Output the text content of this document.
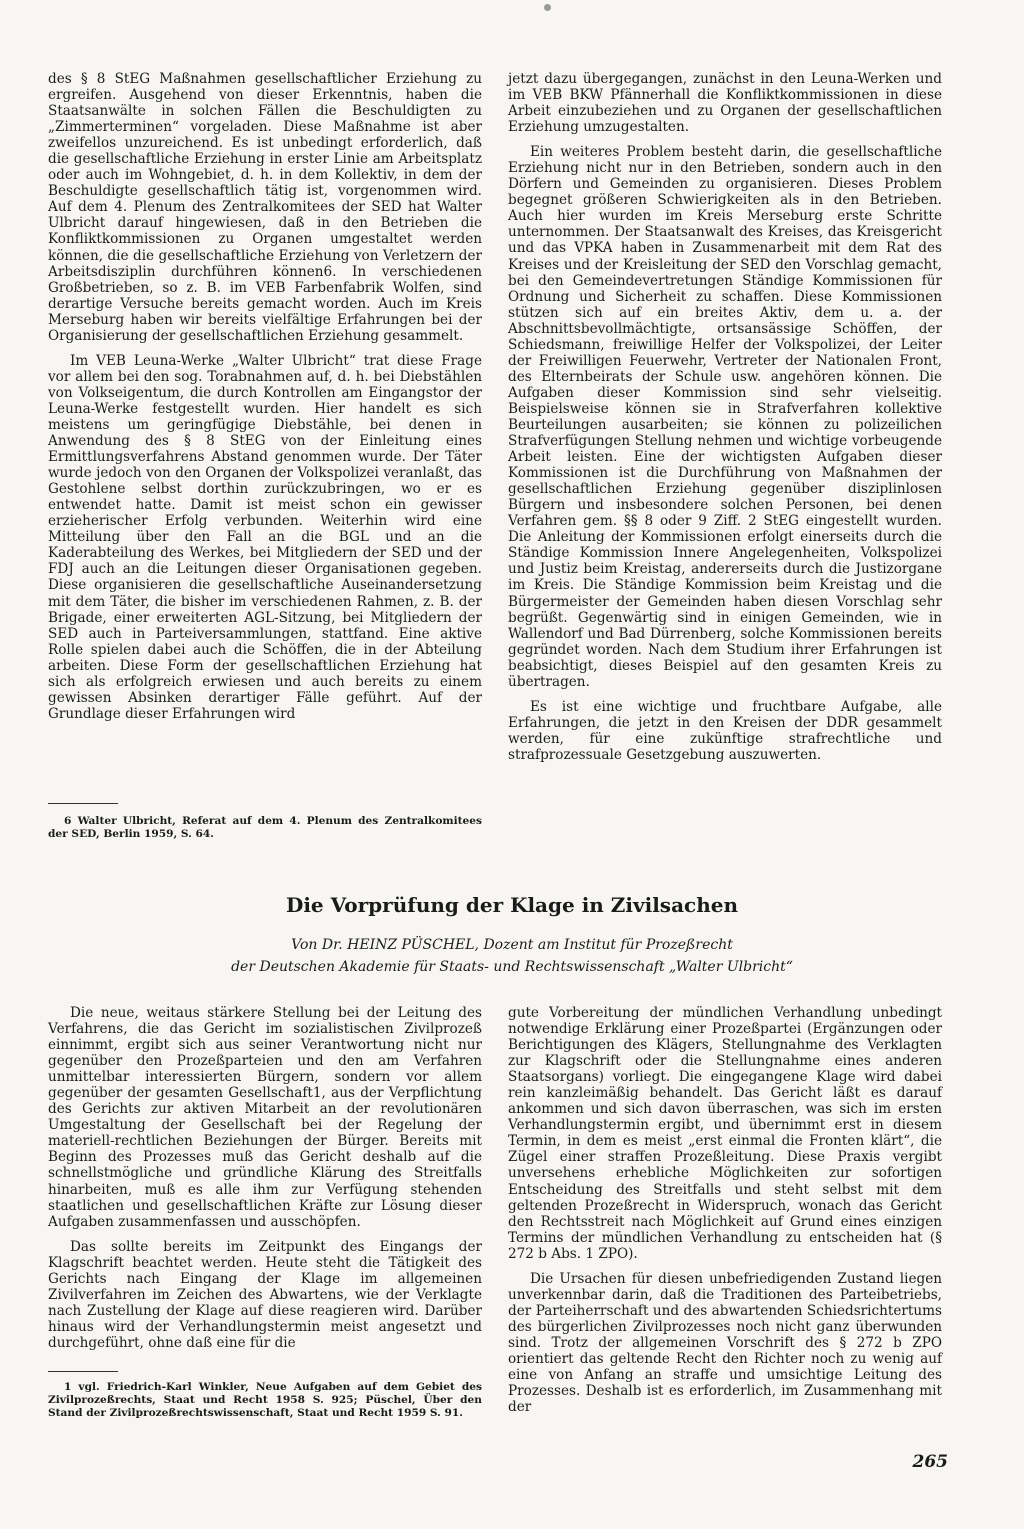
des § 8 StEG Maßnahmen gesellschaftlicher Erziehung zu ergreifen. Ausgehend von dieser Erkenntnis, haben die Staatsanwälte in solchen Fällen die Beschuldigten zu „Zimmerterminen“ vorgeladen. Diese Maßnahme ist aber zweifellos unzureichend. Es ist unbedingt erforderlich, daß die gesellschaftliche Erziehung in erster Linie am Arbeitsplatz oder auch im Wohngebiet, d. h. in dem Kollektiv, in dem der Beschuldigte gesellschaftlich tätig ist, vorgenommen wird. Auf dem 4. Plenum des Zentralkomitees der SED hat Walter Ulbricht darauf hingewiesen, daß in den Betrieben die Konfliktkommissionen zu Organen umgestaltet werden können, die die gesellschaftliche Erziehung von Verletzern der Arbeitsdisziplin durchführen können6. In verschiedenen Großbetrieben, so z. B. im VEB Farbenfabrik Wolfen, sind derartige Versuche bereits gemacht worden. Auch im Kreis Merseburg haben wir bereits vielfältige Erfahrungen bei der Organisierung der gesellschaftlichen Erziehung gesammelt.

Im VEB Leuna-Werke „Walter Ulbricht“ trat diese Frage vor allem bei den sog. Torabnahmen auf, d. h. bei Diebstählen von Volkseigentum, die durch Kontrollen am Eingangstor der Leuna-Werke festgestellt wurden. Hier handelt es sich meistens um geringfügige Diebstähle, bei denen in Anwendung des § 8 StEG von der Einleitung eines Ermittlungsverfahrens Abstand genommen wurde. Der Täter wurde jedoch von den Organen der Volkspolizei veranlaßt, das Gestohlene selbst dorthin zurückzubringen, wo er es entwendet hatte. Damit ist meist schon ein gewisser erzieherischer Erfolg verbunden. Weiterhin wird eine Mitteilung über den Fall an die BGL und an die Kaderabteilung des Werkes, bei Mitgliedern der SED und der FDJ auch an die Leitungen dieser Organisationen gegeben. Diese organisieren die gesellschaftliche Auseinandersetzung mit dem Täter, die bisher im verschiedenen Rahmen, z. B. der Brigade, einer erweiterten AGL-Sitzung, bei Mitgliedern der SED auch in Parteiversammlungen, stattfand. Eine aktive Rolle spielen dabei auch die Schöffen, die in der Abteilung arbeiten. Diese Form der gesellschaftlichen Erziehung hat sich als erfolgreich erwiesen und auch bereits zu einem gewissen Absinken derartiger Fälle geführt. Auf der Grundlage dieser Erfahrungen wird

6 Walter Ulbricht, Referat auf dem 4. Plenum des Zentralkomitees der SED, Berlin 1959, S. 64.

jetzt dazu übergegangen, zunächst in den Leuna-Werken und im VEB BKW Pfännerhall die Konfliktkommissionen in diese Arbeit einzubeziehen und zu Organen der gesellschaftlichen Erziehung umzugestalten.

Ein weiteres Problem besteht darin, die gesellschaftliche Erziehung nicht nur in den Betrieben, sondern auch in den Dörfern und Gemeinden zu organisieren. Dieses Problem begegnet größeren Schwierigkeiten als in den Betrieben. Auch hier wurden im Kreis Merseburg erste Schritte unternommen. Der Staatsanwalt des Kreises, das Kreisgericht und das VPKA haben in Zusammenarbeit mit dem Rat des Kreises und der Kreisleitung der SED den Vorschlag gemacht, bei den Gemeindevertretungen Ständige Kommissionen für Ordnung und Sicherheit zu schaffen. Diese Kommissionen stützen sich auf ein breites Aktiv, dem u. a. der Abschnittsbevollmächtigte, ortsansässige Schöffen, der Schiedsmann, freiwillige Helfer der Volkspolizei, der Leiter der Freiwilligen Feuerwehr, Vertreter der Nationalen Front, des Elternbeirats der Schule usw. angehören können. Die Aufgaben dieser Kommission sind sehr vielseitig. Beispielsweise können sie in Strafverfahren kollektive Beurteilungen ausarbeiten; sie können zu polizeilichen Strafverfügungen Stellung nehmen und wichtige vorbeugende Arbeit leisten. Eine der wichtigsten Aufgaben dieser Kommissionen ist die Durchführung von Maßnahmen der gesellschaftlichen Erziehung gegenüber disziplinlosen Bürgern und insbesondere solchen Personen, bei denen Verfahren gem. §§ 8 oder 9 Ziff. 2 StEG eingestellt wurden. Die Anleitung der Kommissionen erfolgt einerseits durch die Ständige Kommission Innere Angelegenheiten, Volkspolizei und Justiz beim Kreistag, andererseits durch die Justizorgane im Kreis. Die Ständige Kommission beim Kreistag und die Bürgermeister der Gemeinden haben diesen Vorschlag sehr begrüßt. Gegenwärtig sind in einigen Gemeinden, wie in Wallendorf und Bad Dürrenberg, solche Kommissionen bereits gegründet worden. Nach dem Studium ihrer Erfahrungen ist beabsichtigt, dieses Beispiel auf den gesamten Kreis zu übertragen.

Es ist eine wichtige und fruchtbare Aufgabe, alle Erfahrungen, die jetzt in den Kreisen der DDR gesammelt werden, für eine zukünftige strafrechtliche und strafprozessuale Gesetzgebung auszuwerten.

Die Vorprüfung der Klage in Zivilsachen
Von Dr. HEINZ PÜSCHEL, Dozent am Institut für Prozeßrecht
der Deutschen Akademie für Staats- und Rechtswissenschaft „Walter Ulbricht“

Die neue, weitaus stärkere Stellung bei der Leitung des Verfahrens, die das Gericht im sozialistischen Zivilprozeß einnimmt, ergibt sich aus seiner Verantwortung nicht nur gegenüber den Prozeßparteien und den am Verfahren unmittelbar interessierten Bürgern, sondern vor allem gegenüber der gesamten Gesellschaft1, aus der Verpflichtung des Gerichts zur aktiven Mitarbeit an der revolutionären Umgestaltung der Gesellschaft bei der Regelung der materiell-rechtlichen Beziehungen der Bürger. Bereits mit Beginn des Prozesses muß das Gericht deshalb auf die schnellstmögliche und gründliche Klärung des Streitfalls hinarbeiten, muß es alle ihm zur Verfügung stehenden staatlichen und gesellschaftlichen Kräfte zur Lösung dieser Aufgaben zusammenfassen und ausschöpfen.

Das sollte bereits im Zeitpunkt des Eingangs der Klagschrift beachtet werden. Heute steht die Tätigkeit des Gerichts nach Eingang der Klage im allgemeinen Zivilverfahren im Zeichen des Abwartens, wie der Verklagte nach Zustellung der Klage auf diese reagieren wird. Darüber hinaus wird der Verhandlungstermin meist angesetzt und durchgeführt, ohne daß eine für die

1 vgl. Friedrich-Karl Winkler, Neue Aufgaben auf dem Gebiet des Zivilprozeßrechts, Staat und Recht 1958 S. 925; Püschel, Über den Stand der Zivilprozeßrechtswissenschaft, Staat und Recht 1959 S. 91.

gute Vorbereitung der mündlichen Verhandlung unbedingt notwendige Erklärung einer Prozeßpartei (Ergänzungen oder Berichtigungen des Klägers, Stellungnahme des Verklagten zur Klagschrift oder die Stellungnahme eines anderen Staatsorgans) vorliegt. Die eingegangene Klage wird dabei rein kanzleimäßig behandelt. Das Gericht läßt es darauf ankommen und sich davon überraschen, was sich im ersten Verhandlungstermin ergibt, und übernimmt erst in diesem Termin, in dem es meist „erst einmal die Fronten klärt“, die Zügel einer straffen Prozeßleitung. Diese Praxis vergibt unversehens erhebliche Möglichkeiten zur sofortigen Entscheidung des Streitfalls und steht selbst mit dem geltenden Prozeßrecht in Widerspruch, wonach das Gericht den Rechtsstreit nach Möglichkeit auf Grund eines einzigen Termins der mündlichen Verhandlung zu entscheiden hat (§ 272 b Abs. 1 ZPO).

Die Ursachen für diesen unbefriedigenden Zustand liegen unverkennbar darin, daß die Traditionen des Parteibetriebs, der Parteiherrschaft und des abwartenden Schiedsrichtertums des bürgerlichen Zivilprozesses noch nicht ganz überwunden sind. Trotz der allgemeinen Vorschrift des § 272 b ZPO orientiert das geltende Recht den Richter noch zu wenig auf eine von Anfang an straffe und umsichtige Leitung des Prozesses. Deshalb ist es erforderlich, im Zusammenhang mit der

265
